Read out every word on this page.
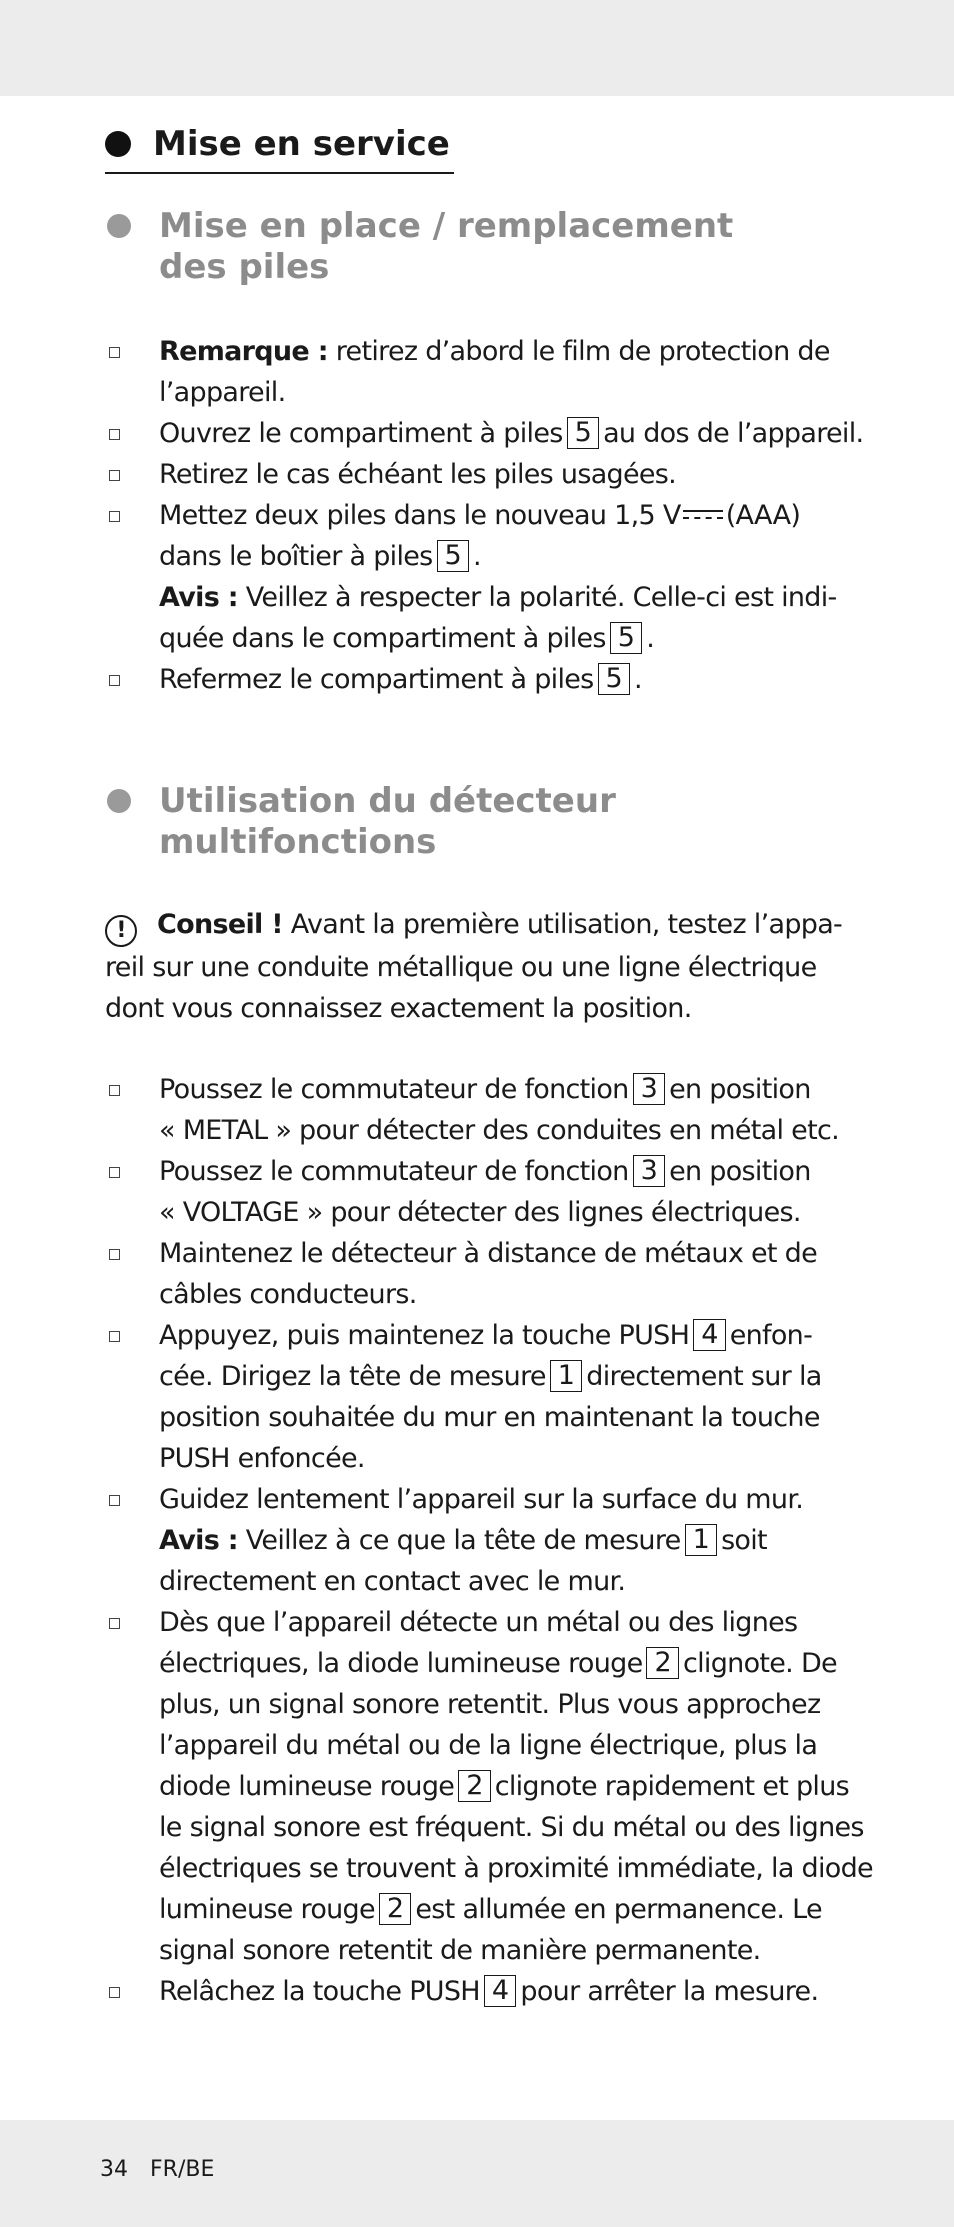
Mise en service
Mise en place / remplacement
des piles
Remarque : retirez d’abord le film de protection de
l’appareil.
Ouvrez le compartiment à piles 5 au dos de l’appareil.
Retirez le cas échéant les piles usagées.
Mettez deux piles dans le nouveau 1,5 V (AAA)
dans le boîtier à piles 5 .
Avis : Veillez à respecter la polarité. Celle-ci est indi-
quée dans le compartiment à piles 5 .
Refermez le compartiment à piles 5 .
Utilisation du détecteur
multifonctions
! Conseil ! Avant la première utilisation, testez l’appa-
reil sur une conduite métallique ou une ligne électrique
dont vous connaissez exactement la position.
Poussez le commutateur de fonction 3 en position
« METAL » pour détecter des conduites en métal etc.
Poussez le commutateur de fonction 3 en position
« VOLTAGE » pour détecter des lignes électriques.
Maintenez le détecteur à distance de métaux et de
câbles conducteurs.
Appuyez, puis maintenez la touche PUSH 4 enfon-
cée. Dirigez la tête de mesure 1 directement sur la
position souhaitée du mur en maintenant la touche
PUSH enfoncée.
Guidez lentement l’appareil sur la surface du mur.
Avis : Veillez à ce que la tête de mesure 1 soit
directement en contact avec le mur.
Dès que l’appareil détecte un métal ou des lignes
électriques, la diode lumineuse rouge 2 clignote. De
plus, un signal sonore retentit. Plus vous approchez
l’appareil du métal ou de la ligne électrique, plus la
diode lumineuse rouge 2 clignote rapidement et plus
le signal sonore est fréquent. Si du métal ou des lignes
électriques se trouvent à proximité immédiate, la diode
lumineuse rouge 2 est allumée en permanence. Le
signal sonore retentit de manière permanente.
Relâchez la touche PUSH 4 pour arrêter la mesure.
34 FR/BE
